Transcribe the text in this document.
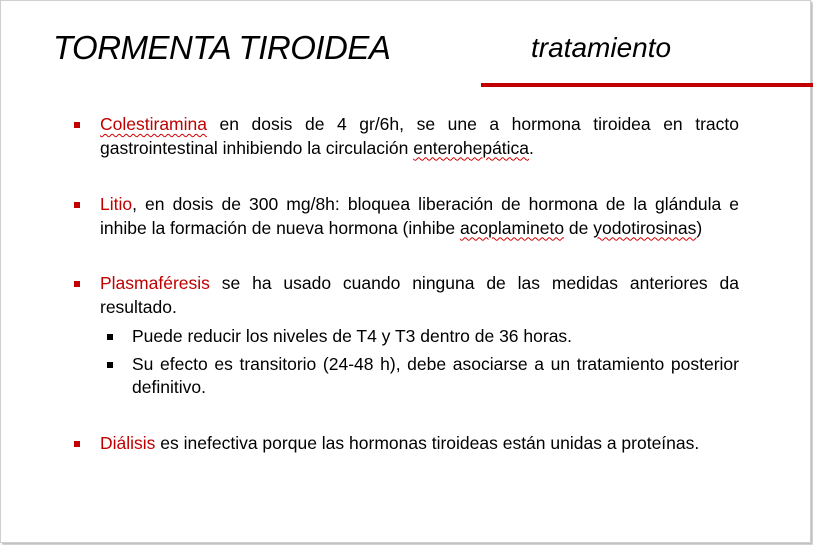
TORMENTA TIROIDEA	tratamiento

Colestiramina en dosis de 4 gr/6h, se une a hormona tiroidea en tracto gastrointestinal inhibiendo la circulación enterohepática.

Litio, en dosis de 300 mg/8h: bloquea liberación de hormona de la glándula e inhibe la formación de nueva hormona (inhibe acoplamineto de yodotirosinas)

Plasmaféresis se ha usado cuando ninguna de las medidas anteriores da resultado.

Puede reducir los niveles de T4 y T3 dentro de 36 horas.
Su efecto es transitorio (24-48 h), debe asociarse a un tratamiento posterior definitivo.

Diálisis es inefectiva porque las hormonas tiroideas están unidas a proteínas.
